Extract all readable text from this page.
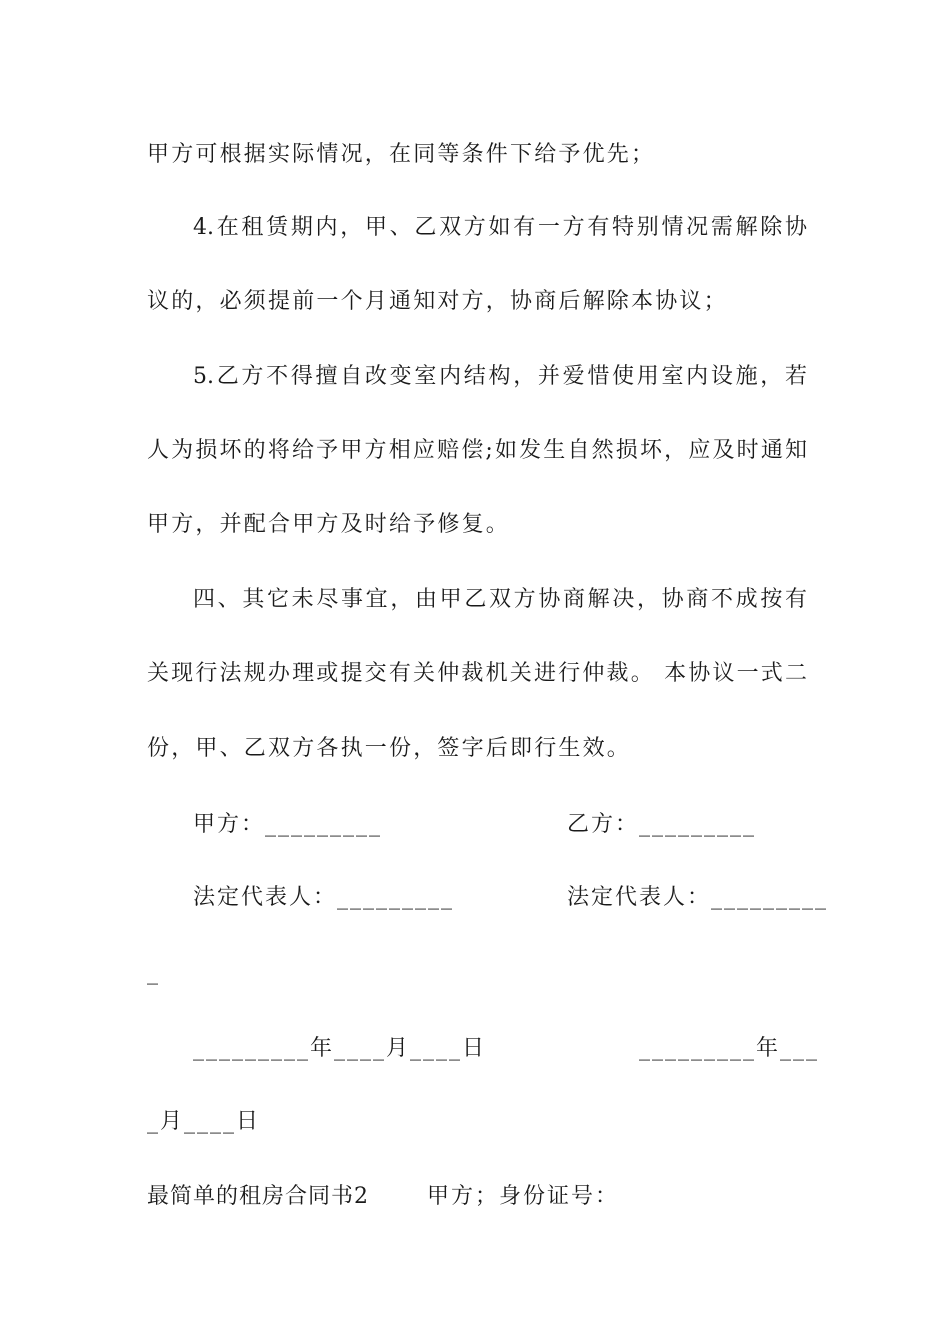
甲方可根据实际情况，在同等条件下给予优先；
4.在租赁期内，甲、乙双方如有一方有特别情况需解除协
议的，必须提前一个月通知对方，协商后解除本协议；
5.乙方不得擅自改变室内结构，并爱惜使用室内设施，若
人为损坏的将给予甲方相应赔偿;如发生自然损坏，应及时通知
甲方，并配合甲方及时给予修复。
四、其它未尽事宜，由甲乙双方协商解决，协商不成按有
关现行法规办理或提交有关仲裁机关进行仲裁。 本协议一式二
份，甲、乙双方各执一份，签字后即行生效。
甲方：_________	乙方：_________
法定代表人：_________	法定代表人：_________
_
_________年____月____日	_________年___
_月____日
最简单的租房合同书2	甲方；身份证号：
